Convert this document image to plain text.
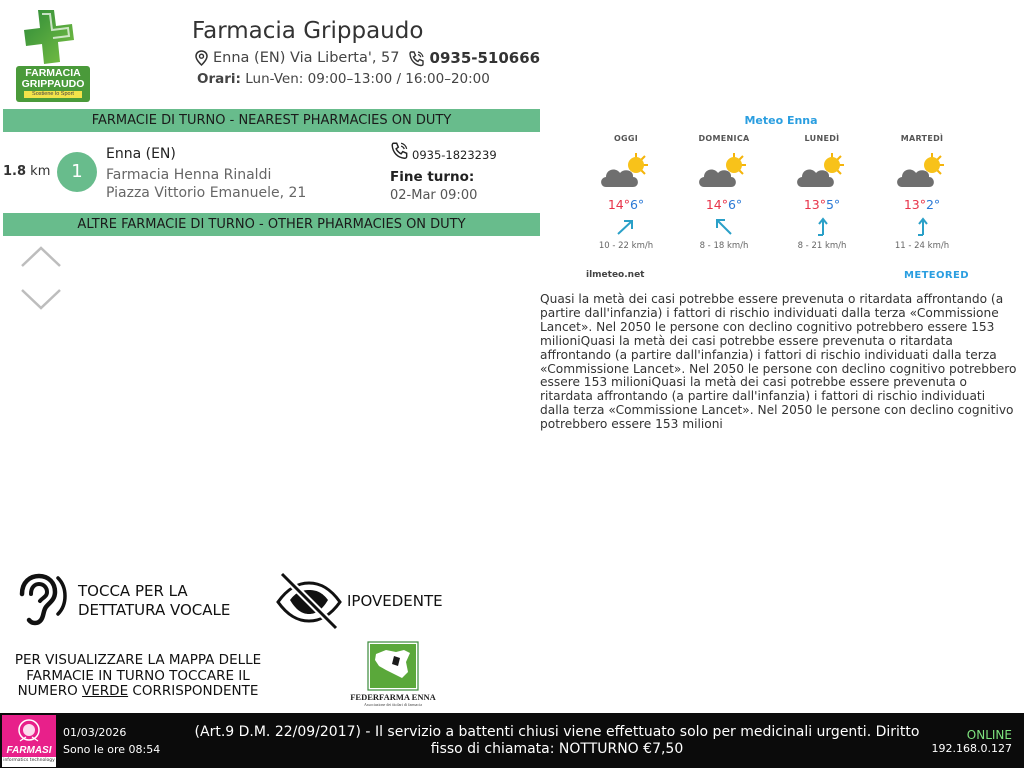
FARMACIA
GRIPPAUDO
Sostiene lo Sport
Farmacia Grippaudo
Enna (EN) Via Liberta', 57 0935-510666
Orari: Lun-Ven: 09:00–13:00 / 16:00–20:00
FARMACIE DI TURNO - NEAREST PHARMACIES ON DUTY
1.8 km	1
Enna (EN)
Farmacia Henna Rinaldi
Piazza Vittorio Emanuele, 21
0935-1823239
Fine turno:
02-Mar 09:00
ALTRE FARMACIE DI TURNO - OTHER PHARMACIES ON DUTY
Meteo Enna
OGGI
14°6°
10 - 22 km/h
DOMENICA
14°6°
8 - 18 km/h
LUNEDÌ
13°5°
8 - 21 km/h
MARTEDÌ
13°2°
11 - 24 km/h
ilmeteo.net	METEORED
Quasi la metà dei casi potrebbe essere prevenuta o ritardata affrontando (a partire dall'infanzia) i fattori di rischio individuati dalla terza «Commissione Lancet». Nel 2050 le persone con declino cognitivo potrebbero essere 153 milioniQuasi la metà dei casi potrebbe essere prevenuta o ritardata affrontando (a partire dall'infanzia) i fattori di rischio individuati dalla terza «Commissione Lancet». Nel 2050 le persone con declino cognitivo potrebbero essere 153 milioniQuasi la metà dei casi potrebbe essere prevenuta o ritardata affrontando (a partire dall'infanzia) i fattori di rischio individuati dalla terza «Commissione Lancet». Nel 2050 le persone con declino cognitivo potrebbero essere 153 milioni
TOCCA PER LA
DETTATURA VOCALE	IPOVEDENTE
PER VISUALIZZARE LA MAPPA DELLE FARMACIE IN TURNO TOCCARE IL NUMERO VERDE CORRISPONDENTE	FEDERFARMA ENNA
Associazione dei titolari di farmacia
FARMASI
informatics technology
01/03/2026
Sono le ore 08:54
(Art.9 D.M. 22/09/2017) - Il servizio a battenti chiusi viene effettuato solo per medicinali urgenti. Diritto fisso di chiamata: NOTTURNO €7,50
ONLINE
192.168.0.127
